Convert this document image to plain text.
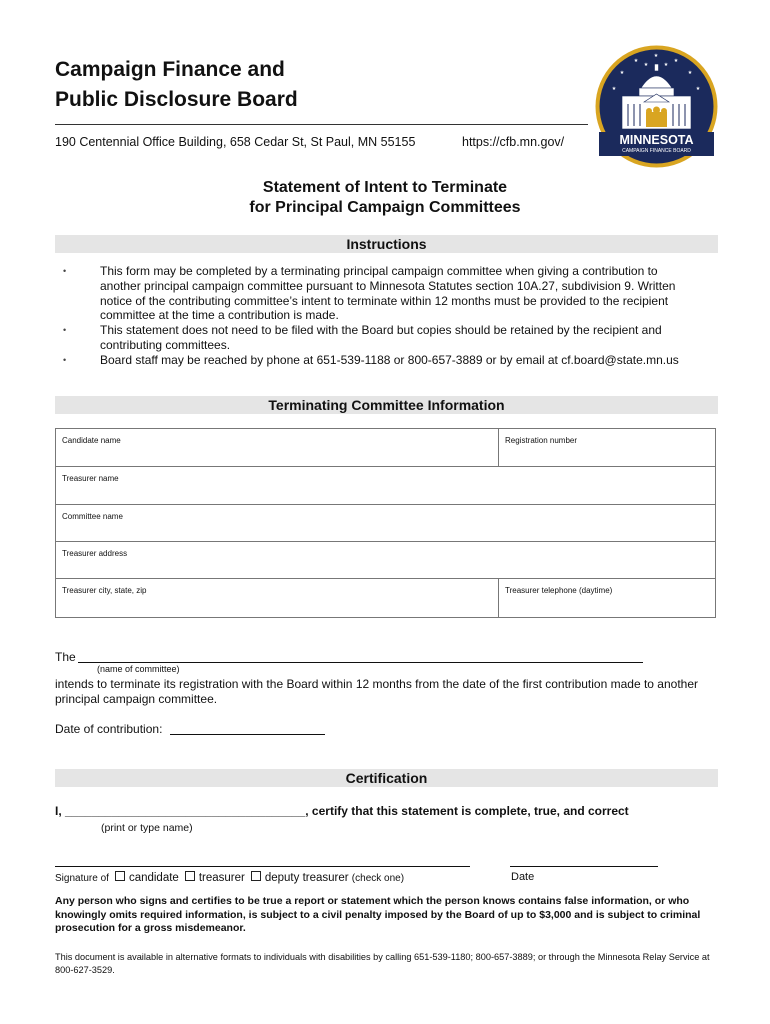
Campaign Finance and
Public Disclosure Board
190 Centennial Office Building, 658 Cedar St, St Paul, MN 55155	https://cfb.mn.gov/
★
★	★
★	★
★	★
★	★
MINNESOTA
CAMPAIGN FINANCE BOARD
Statement of Intent to Terminate
for Principal Campaign Committees
Instructions
•	This form may be completed by a terminating principal campaign committee when giving a contribution to another principal campaign committee pursuant to Minnesota Statutes section 10A.27, subdivision 9. Written notice of the contributing committee’s intent to terminate within 12 months must be provided to the recipient committee at the time a contribution is made.
•	This statement does not need to be filed with the Board but copies should be retained by the recipient and contributing committees.
•	Board staff may be reached by phone at 651-539-1188 or 800-657-3889 or by email at cf.board@state.mn.us
Terminating Committee Information
Candidate name	Registration number
Treasurer name	
Committee name	
Treasurer address	
Treasurer city, state, zip	Treasurer telephone (daytime)
The
(name of committee)
intends to terminate its registration with the Board within 12 months from the date of the first contribution made to another principal campaign committee.
Date of contribution:
Certification
I, ____________________________________, certify that this statement is complete, true, and correct
(print or type name)
Signature of candidate treasurer deputy treasurer (check one)	Date
Any person who signs and certifies to be true a report or statement which the person knows contains false information, or who knowingly omits required information, is subject to a civil penalty imposed by the Board of up to $3,000 and is subject to criminal prosecution for a gross misdemeanor.
This document is available in alternative formats to individuals with disabilities by calling 651-539-1180; 800-657-3889; or through the Minnesota Relay Service at 800-627-3529.
